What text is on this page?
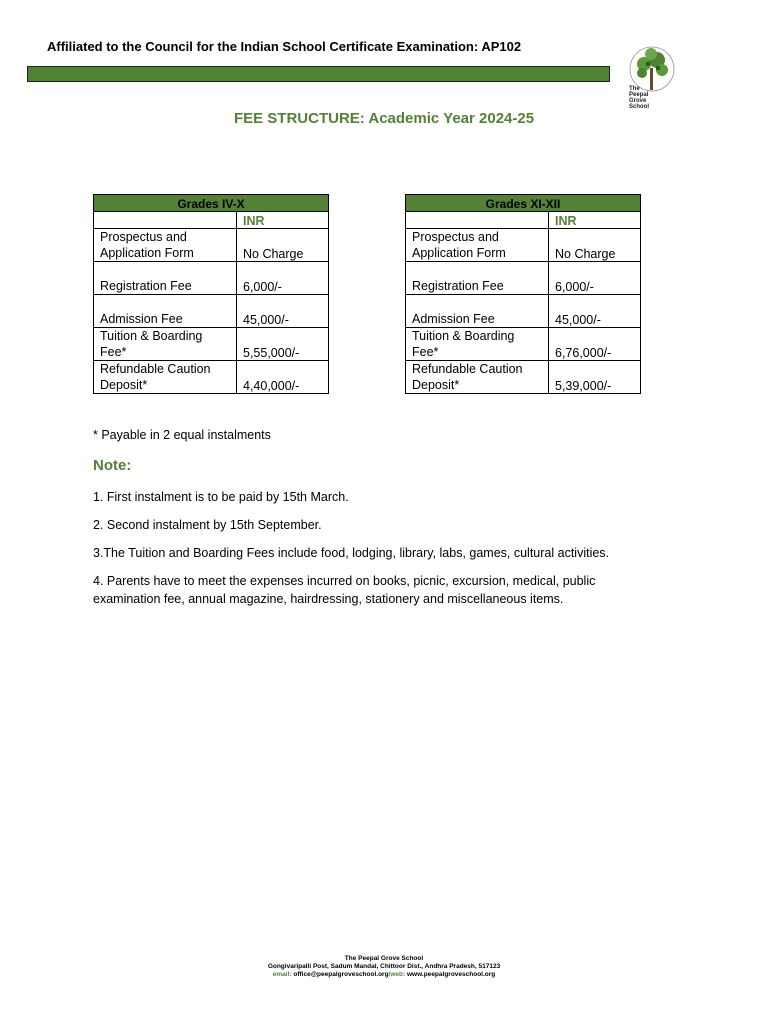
Affiliated to the Council for the Indian School Certificate Examination: AP102
The
Peepal
Grove
School
FEE STRUCTURE: Academic Year 2024-25
Grades IV-X	
	INR
Prospectus and Application Form	No Charge
Registration Fee	6,000/-
Admission Fee	45,000/-
Tuition & Boarding Fee*	5,55,000/-
Refundable Caution Deposit*	4,40,000/-
Grades XI-XII	
	INR
Prospectus and Application Form	No Charge
Registration Fee	6,000/-
Admission Fee	45,000/-
Tuition & Boarding Fee*	6,76,000/-
Refundable Caution Deposit*	5,39,000/-
* Payable in 2 equal instalments
Note:

1. First instalment is to be paid by 15th March.

2. Second instalment by 15th September.

3.The Tuition and Boarding Fees include food, lodging, library, labs, games, cultural activities.

4. Parents have to meet the expenses incurred on books, picnic, excursion, medical, public examination fee, annual magazine, hairdressing, stationery and miscellaneous items.

The Peepal Grove School
Gongivaripalli Post, Sadum Mandal, Chittoor Dist., Andhra Pradesh, 517123
email: office@peepalgroveschool.org/web: www.peepalgroveschool.org
